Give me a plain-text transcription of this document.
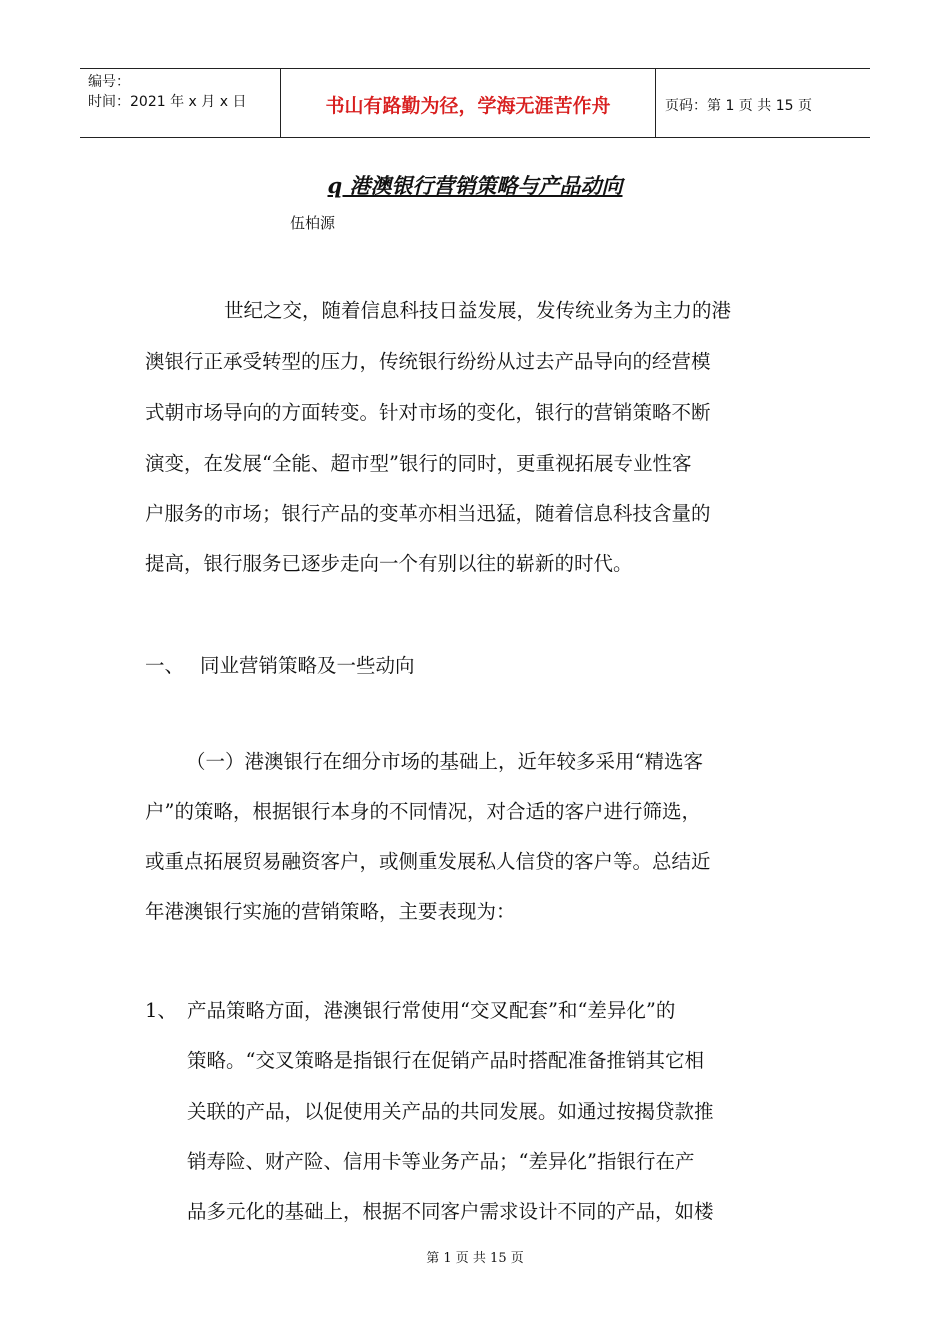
编号：
时间：2021 年 x 月 x 日	书山有路勤为径，学海无涯苦作舟	页码：第 1 页 共 15 页
q 港澳银行营销策略与产品动向
伍柏源
世纪之交，随着信息科技日益发展，发传统业务为主力的港
澳银行正承受转型的压力，传统银行纷纷从过去产品导向的经营模
式朝市场导向的方面转变。针对市场的变化，银行的营销策略不断
演变，在发展“全能、超市型”银行的同时，更重视拓展专业性客
户服务的市场；银行产品的变革亦相当迅猛，随着信息科技含量的
提高，银行服务已逐步走向一个有别以往的崭新的时代。
一、 同业营销策略及一些动向
（一）港澳银行在细分市场的基础上，近年较多采用“精选客
户”的策略，根据银行本身的不同情况，对合适的客户进行筛选，
或重点拓展贸易融资客户，或侧重发展私人信贷的客户等。总结近
年港澳银行实施的营销策略，主要表现为：
1、 产品策略方面，港澳银行常使用“交叉配套”和“差异化”的
策略。“交叉策略是指银行在促销产品时搭配准备推销其它相
关联的产品，以促使用关产品的共同发展。如通过按揭贷款推
销寿险、财产险、信用卡等业务产品；“差异化”指银行在产
品多元化的基础上，根据不同客户需求设计不同的产品，如楼
第 1 页 共 15 页
